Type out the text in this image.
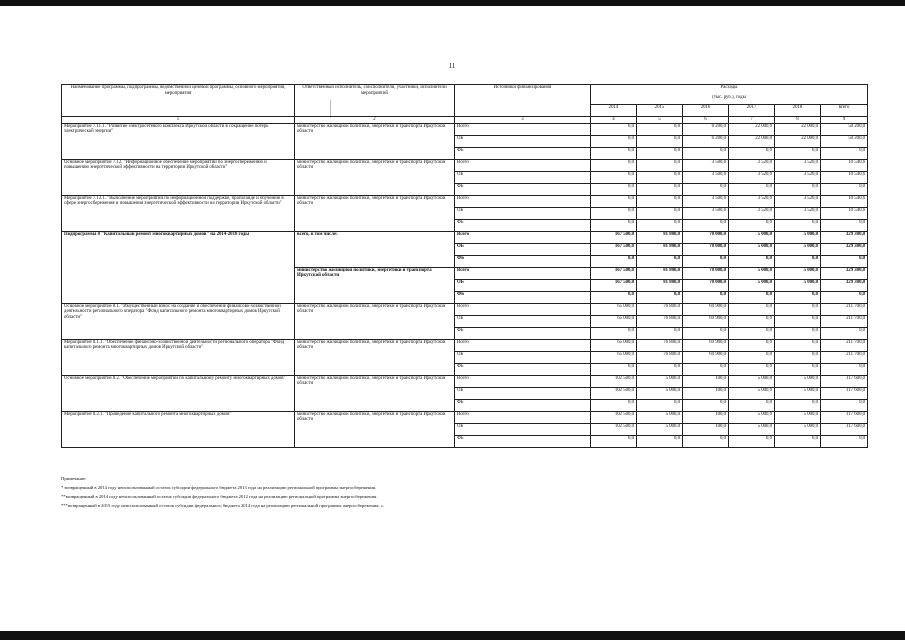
11
Наименование программы, подпрограммы, ведомственной целевой программы, основного мероприятия, мероприятия	Ответственный исполнитель, соисполнители, участники, исполнители мероприятий	Источники финансирования	Расходы					
			(тыс. руб.), годы					
			2014	2015	2016	2017	2018	всего
1	2	3	4	5	6	7	8	9
Мероприятие 7.11.1. "Развитие электросетевого комплекса Иркутской области в сокращение потерь электрической энергии"	министерство жилищной политики, энергетики и транспорта Иркутской области	Всего	0,0	0,0	6 200,0	22 000,0	22 000,0	50 200,0
		ОБ	0,0	0,0	6 200,0	22 000,0	22 000,0	50 200,0
		ФБ	0,0	0,0	0,0	0,0	0,0	0,0
Основное мероприятие 7.12. "Информационное обеспечение мероприятий по энергосбережению и повышению энергетической эффективности на территории Иркутской области"	министерство жилищной политики, энергетики и транспорта Иркутской области	Всего	0,0	0,0	3 500,6	3 520,0	3 520,0	10 540,6
		ОБ	0,0	0,0	3 500,6	3 520,0	3 520,0	10 540,6
		ФБ	0,0	0,0	0,0	0,0	0,0	0,0
Мероприятие 7.12.1. "Выполнение мероприятий по информационной поддержке, пропаганде и обучению в сфере энергосбережения и повышения энергетической эффективности на территории Иркутской области"	министерство жилищной политики, энергетики и транспорта Иркутской области	Всего	0,0	0,0	3 500,6	3 520,0	3 520,0	10 540,6
		ОБ	0,0	0,0	3 500,6	3 520,0	3 520,0	10 540,6
		ФБ	0,0	0,0	0,0	0,0	0,0	0,0
Подпрограмма 8 "Капитальный ремонт многоквартирных домов" на 2014-2018 годы	всего, в том числе:	Всего	167 500,0	81 800,0	70 000,0	5 000,0	5 000,0	329 300,0
		ОБ	167 500,0	81 800,0	70 000,0	5 000,0	5 000,0	329 300,0
		ФБ	0,0	0,0	0,0	0,0	0,0	0,0
	министерство жилищной политики, энергетики и транспорта Иркутской области	Всего	167 500,0	81 800,0	70 000,0	5 000,0	5 000,0	329 300,0
		ОБ	167 500,0	81 800,0	70 000,0	5 000,0	5 000,0	329 300,0
		ФБ	0,0	0,0	0,0	0,0	0,0	0,0
Основное мероприятие 8.1. "Имущественный взнос на создание и обеспечение финансово-хозяйственной деятельности регионального оператора "Фонд капитального ремонта многоквартирных домов Иркутской области"	министерство жилищной политики, энергетики и транспорта Иркутской области	Всего	65 000,0	76 800,0	69 900,0	0,0	0,0	211 700,0
		ОБ	65 000,0	76 800,0	69 900,0	0,0	0,0	211 700,0
		ФБ	0,0	0,0	0,0	0,0	0,0	0,0
Мероприятие 8.1.1. "Обеспечение финансово-хозяйственной деятельности регионального оператора "Фонд капитального ремонта многоквартирных домов Иркутской области"	министерство жилищной политики, энергетики и транспорта Иркутской области	Всего	65 000,0	76 800,0	69 900,0	0,0	0,0	211 700,0
		ОБ	65 000,0	76 800,0	69 900,0	0,0	0,0	211 700,0
		ФБ	0,0	0,0	0,0	0,0	0,0	0,0
Основное мероприятие 8.2. "Обеспечение мероприятий по капитальному ремонту многоквартирных домов"	министерство жилищной политики, энергетики и транспорта Иркутской области	Всего	102 500,0	5 000,0	100,0	5 000,0	5 000,0	117 600,0
		ОБ	102 500,0	5 000,0	100,0	5 000,0	5 000,0	117 600,0
		ФБ	0,0	0,0	0,0	0,0	0,0	0,0
Мероприятие 8.2.1. "Проведение капитального ремонта многоквартирных домов"	министерство жилищной политики, энергетики и транспорта Иркутской области	Всего	102 500,0	5 000,0	100,0	5 000,0	5 000,0	117 600,0
		ОБ	102 500,0	5 000,0	100,0	5 000,0	5 000,0	117 600,0
		ФБ	0,0	0,0	0,0	0,0	0,0	0,0
Примечание:
* возвращенный в 2014 году неиспользованный остаток субсидии федерального бюджета 2013 года на реализацию региональной программы энергосбережения.
**возвращенный в 2014 году неиспользованный остаток субсидии федерального бюджета 2012 года на реализацию региональной программы энергосбережения.
***возвращенный в 2015 году неиспользованный остаток субсидии федерального бюджета 2014 года на реализацию региональной программы энергосбережения. ».
